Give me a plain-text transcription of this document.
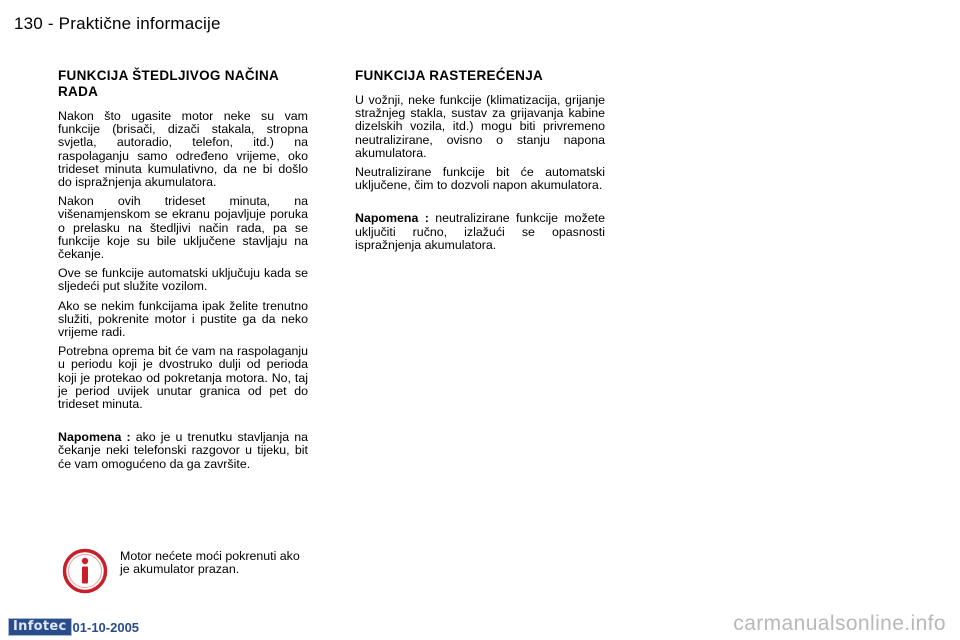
130 - Praktične informacije
FUNKCIJA ŠTEDLJIVOG NAČINA RADA

Nakon što ugasite motor neke su vam funkcije (brisači, dizači stakala, stropna svjetla, autoradio, telefon, itd.) na raspolaganju samo određeno vrijeme, oko trideset minuta kumulativno, da ne bi došlo do ispražnjenja akumulatora.

Nakon ovih trideset minuta, na višenamjenskom se ekranu pojavljuje poruka o prelasku na štedljivi način rada, pa se funkcije koje su bile uključene stavljaju na čekanje.

Ove se funkcije automatski uključuju kada se sljedeći put služite vozilom.

Ako se nekim funkcijama ipak želite trenutno služiti, pokrenite motor i pustite ga da neko vrijeme radi.

Potrebna oprema bit će vam na raspolaganju u periodu koji je dvostruko dulji od perioda koji je protekao od pokretanja motora. No, taj je period uvijek unutar granica od pet do trideset minuta.

Napomena : ako je u trenutku stavljanja na čekanje neki telefonski razgovor u tijeku, bit će vam omogućeno da ga završite.

FUNKCIJA RASTEREĆENJA

U vožnji, neke funkcije (klimatizacija, grijanje stražnjeg stakla, sustav za grijavanja kabine dizelskih vozila, itd.) mogu biti privremeno neutralizirane, ovisno o stanju napona akumulatora.

Neutralizirane funkcije bit će automatski uključene, čim to dozvoli napon akumulatora.

Napomena : neutralizirane funkcije možete uključiti ručno, izlažući se opasnosti ispražnjenja akumulatora.

Motor nećete moći pokrenuti ako je akumulator prazan.
Infotec 01-10-2005	carmanualsonline.info
